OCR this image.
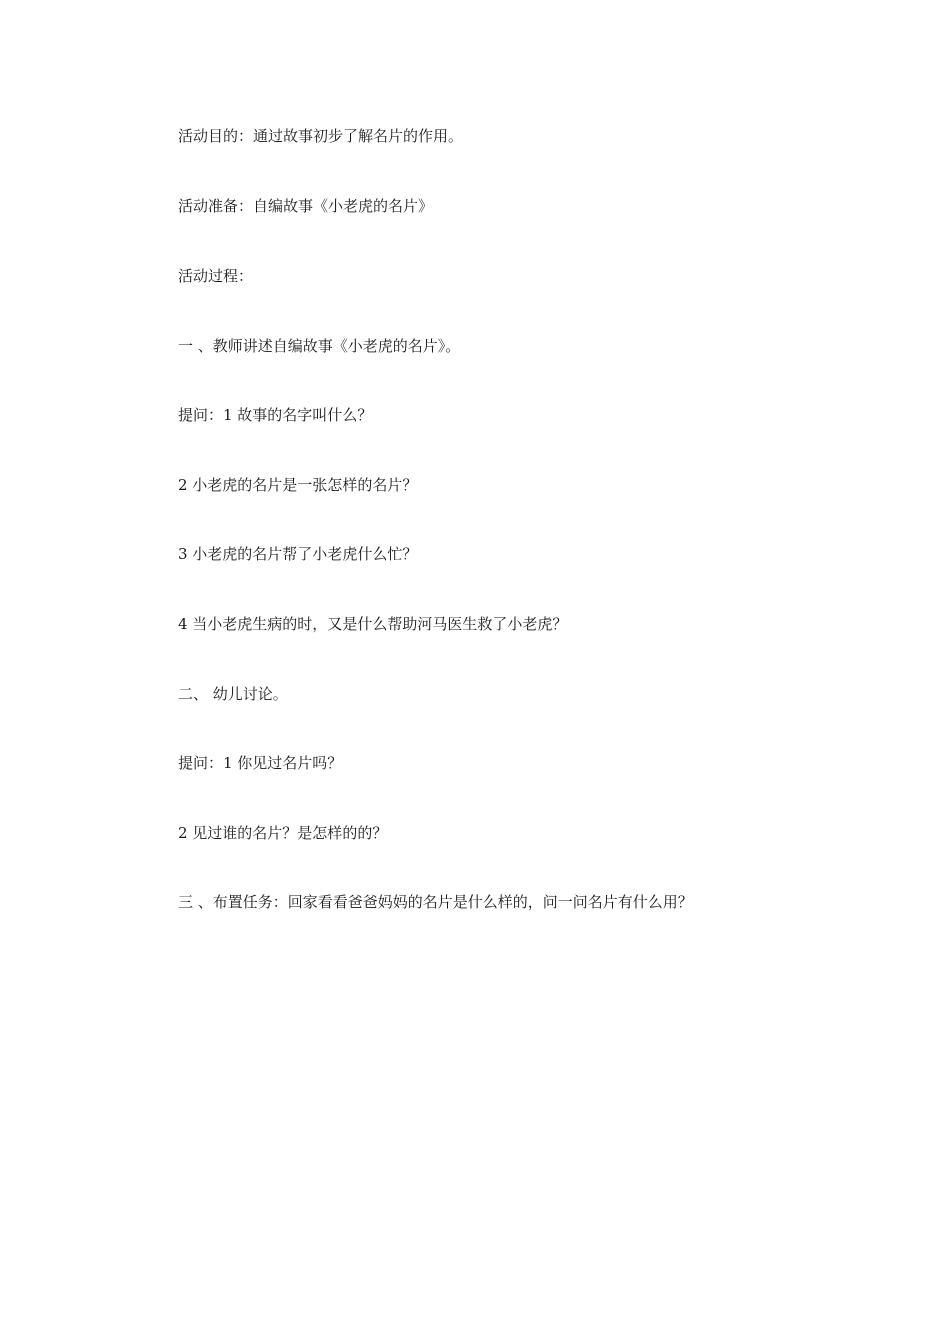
活动目的：通过故事初步了解名片的作用。

活动准备：自编故事《小老虎的名片》

活动过程：

一 、教师讲述自编故事《小老虎的名片》。

提问：1 故事的名字叫什么？

2 小老虎的名片是一张怎样的名片？

3 小老虎的名片帮了小老虎什么忙？

4 当小老虎生病的时，又是什么帮助河马医生救了小老虎？

二、 幼儿讨论。

提问：1 你见过名片吗？

2 见过谁的名片？是怎样的的？

三 、布置任务：回家看看爸爸妈妈的名片是什么样的，问一问名片有什么用？
